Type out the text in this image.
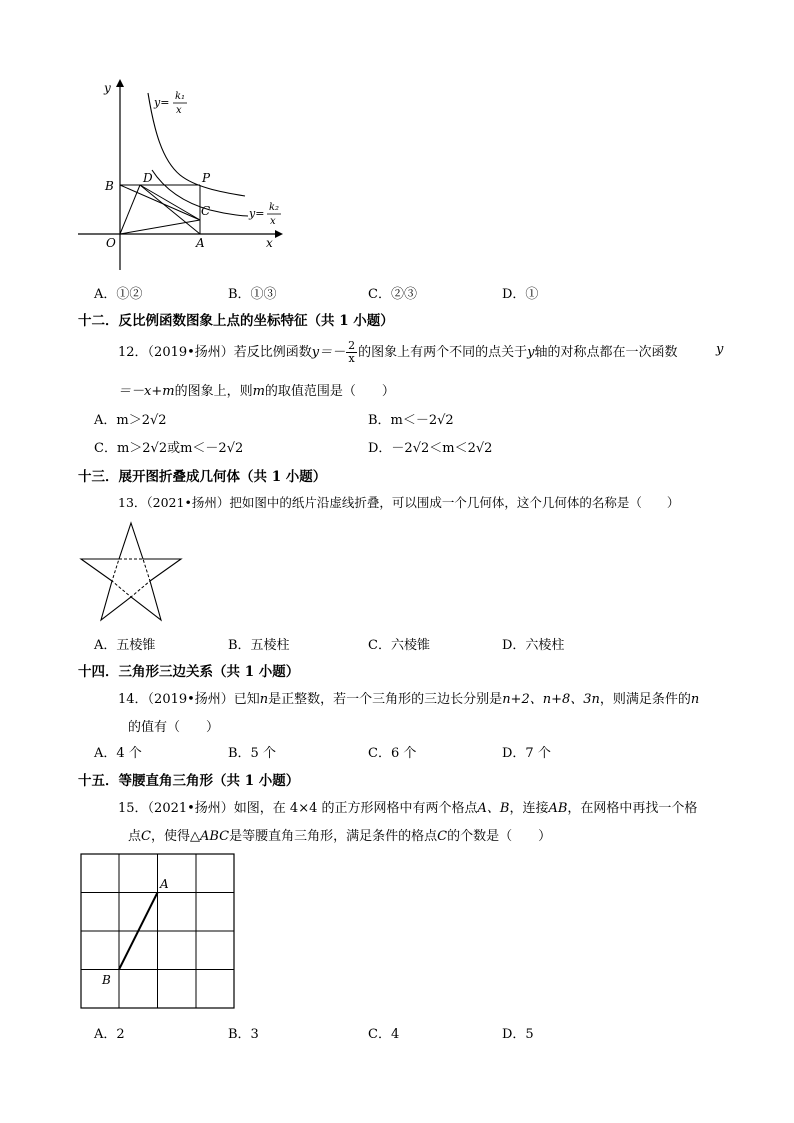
y
x
O
B
D	P
C
A
y= k₁
x
y= k₂
x
A．①②	B．①③	C．②③	D．①
十二．反比例函数图象上点的坐标特征（共 1 小题）
12．（2019•扬州）若反比例函数$y=- \frac{2}{x}$ 的图象上有两个不同的点关于y轴的对称点都在一次函数	y
＝－x+m的图象上，则m的取值范围是（　　）
A．m＞2√2	B．m＜－2√2
C．m＞2√2或m＜－2√2	D．－2√2＜m＜2√2
十三．展开图折叠成几何体（共 1 小题）
13．（2021•扬州）把如图中的纸片沿虚线折叠，可以围成一个几何体，这个几何体的名称是（　　）
A．五棱锥	B．五棱柱	C．六棱锥	D．六棱柱
十四．三角形三边关系（共 1 小题）
14．（2019•扬州）已知n是正整数，若一个三角形的三边长分别是n+2、n+8、3n，则满足条件的n
的值有（　　）
A．4 个	B．5 个	C．6 个	D．7 个
十五．等腰直角三角形（共 1 小题）
15．（2021•扬州）如图，在 4×4 的正方形网格中有两个格点A、B，连接AB，在网格中再找一个格
点C，使得△ABC是等腰直角三角形，满足条件的格点C的个数是（　　）
A
B
A．2	B．3	C．4	D．5
